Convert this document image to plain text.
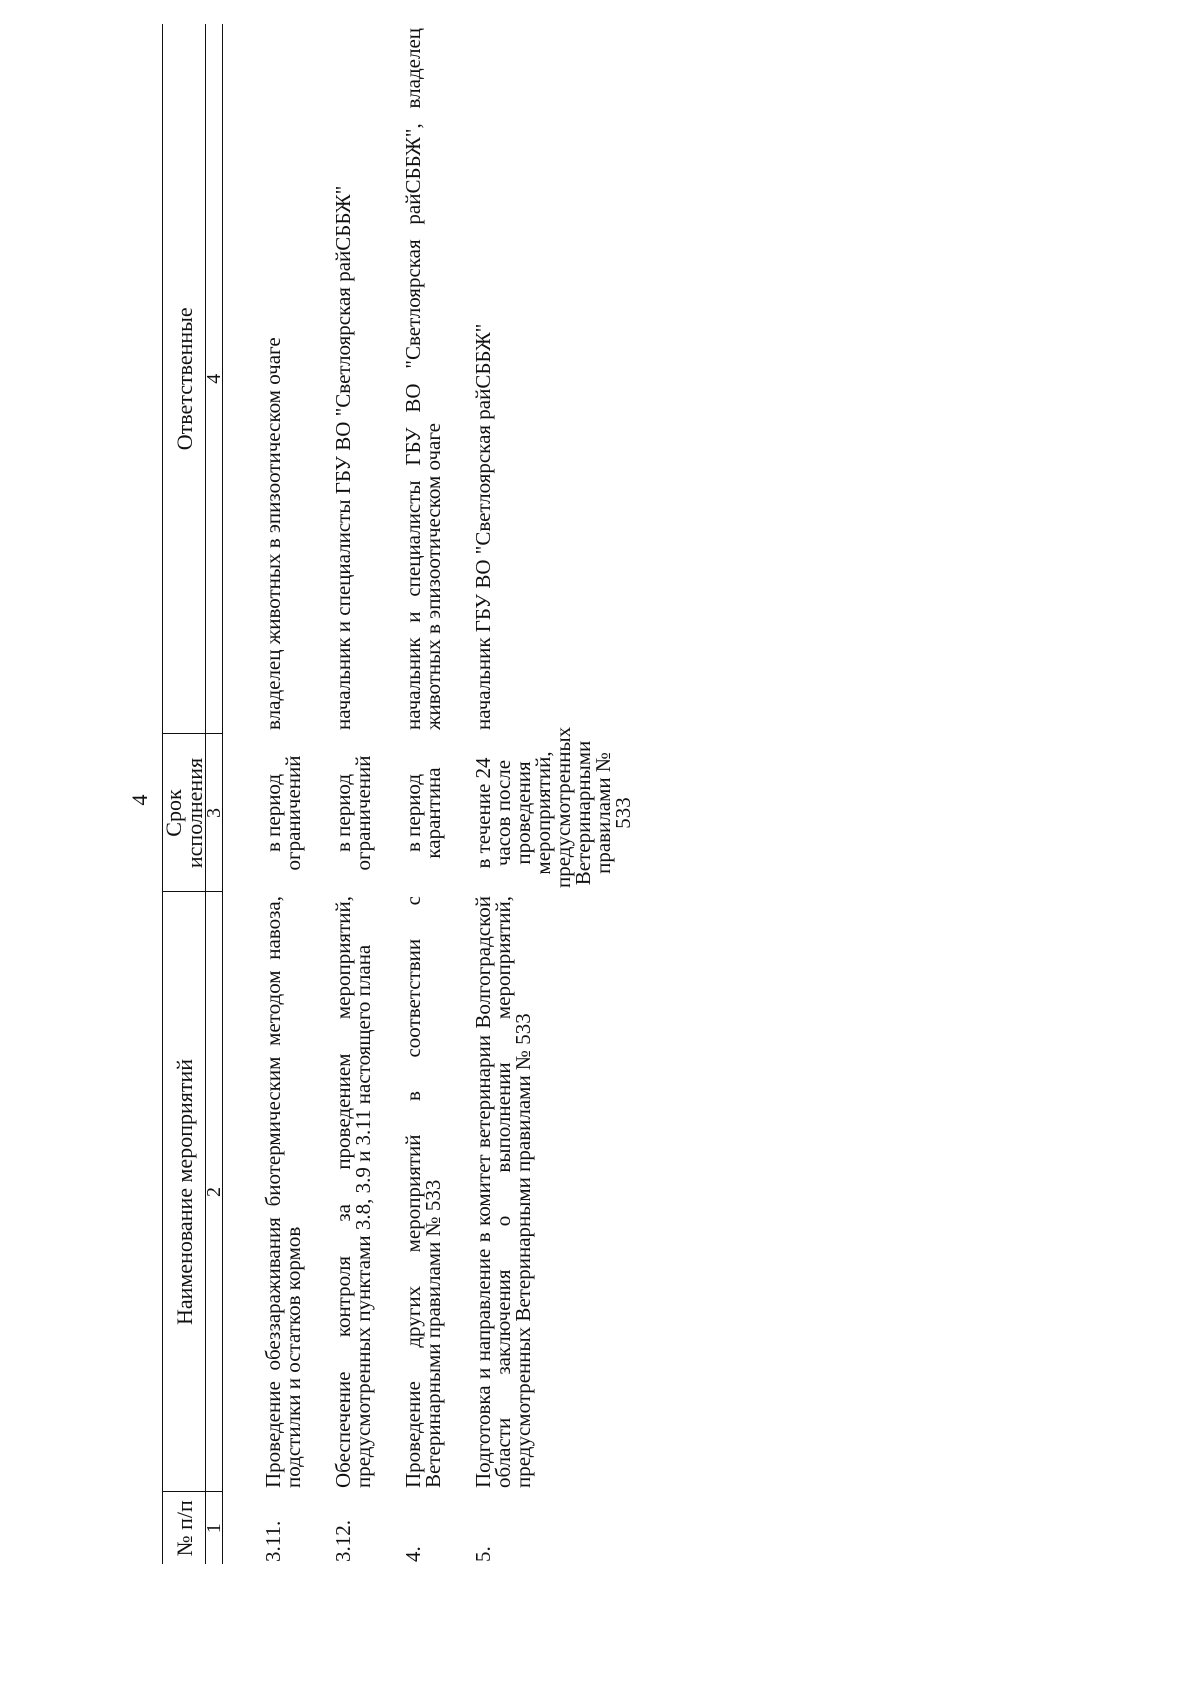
4
№ п/п	Наименование мероприятий	Срок исполнения	Ответственные
1	2	3	4
3.11.	Проведение обеззараживания биотермическим методом навоза, подстилки и остатков кормов	в период ограничений	владелец животных в эпизоотическом очаге
3.12.	Обеспечение контроля за проведением мероприятий, предусмотренных пунктами 3.8, 3.9 и 3.11 настоящего плана	в период ограничений	начальник и специалисты ГБУ ВО "Светлоярская райСББЖ"
4.	Проведение других мероприятий в соответствии с Ветеринарными правилами № 533	в период карантина	начальник и специалисты ГБУ ВО "Светлоярская райСББЖ", владелец животных в эпизоотическом очаге
5.	Подготовка и направление в комитет ветеринарии Волгоградской области заключения о выполнении мероприятий, предусмотренных Ветеринарными правилами № 533	в течение 24 часов после проведения мероприятий, предусмотренных Ветеринарными правилами № 533	начальник ГБУ ВО "Светлоярская райСББЖ"
